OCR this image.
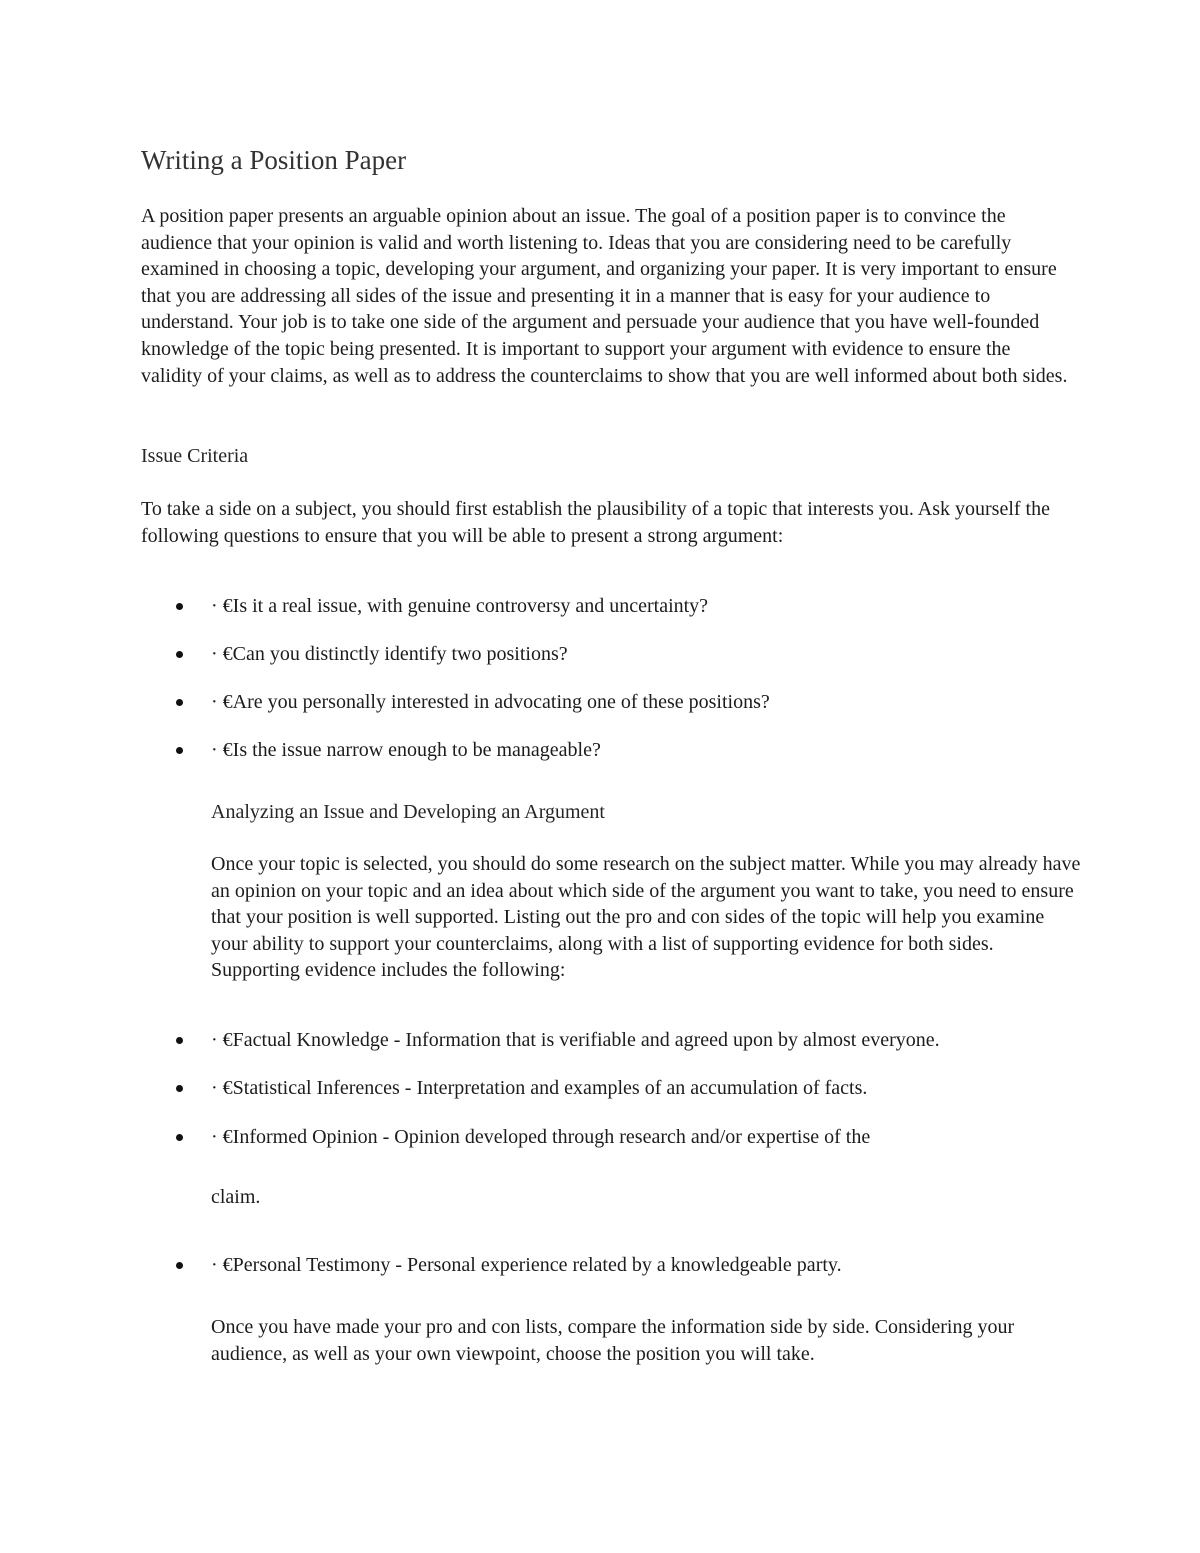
Writing a Position Paper

A position paper presents an arguable opinion about an issue. The goal of a position paper is to convince the audience that your opinion is valid and worth listening to. Ideas that you are considering need to be carefully examined in choosing a topic, developing your argument, and organizing your paper. It is very important to ensure that you are addressing all sides of the issue and presenting it in a manner that is easy for your audience to understand. Your job is to take one side of the argument and persuade your audience that you have well-founded knowledge of the topic being presented. It is important to support your argument with evidence to ensure the validity of your claims, as well as to address the counterclaims to show that you are well informed about both sides.

Issue Criteria

To take a side on a subject, you should first establish the plausibility of a topic that interests you. Ask yourself the following questions to ensure that you will be able to present a strong argument:

· €Is it a real issue, with genuine controversy and uncertainty?
· €Can you distinctly identify two positions?
· €Are you personally interested in advocating one of these positions?
· €Is the issue narrow enough to be manageable?

Analyzing an Issue and Developing an Argument

Once your topic is selected, you should do some research on the subject matter. While you may already have an opinion on your topic and an idea about which side of the argument you want to take, you need to ensure that your position is well supported. Listing out the pro and con sides of the topic will help you examine your ability to support your counterclaims, along with a list of supporting evidence for both sides. Supporting evidence includes the following:

· €Factual Knowledge - Information that is verifiable and agreed upon by almost everyone.
· €Statistical Inferences - Interpretation and examples of an accumulation of facts.
· €Informed Opinion - Opinion developed through research and/or expertise of the
claim.
· €Personal Testimony - Personal experience related by a knowledgeable party.

Once you have made your pro and con lists, compare the information side by side. Considering your audience, as well as your own viewpoint, choose the position you will take.
